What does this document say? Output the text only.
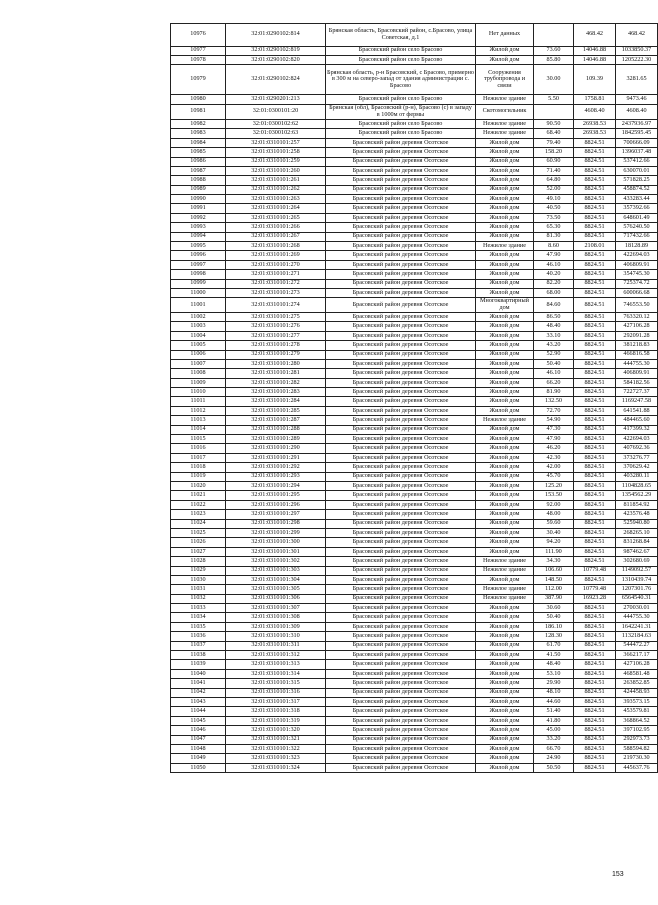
10976	32:01:0290102:814	Брянская область, Брасовский район, с.Брасово, улица Советская, д.1	Нет данных		468.42	468.42
10977	32:01:0290102:819	Брасовский район село Брасово	Жилой дом	73.60	14046.88	1033850.37
10978	32:01:0290102:820	Брасовский район село Брасово	Жилой дом	85.80	14046.88	1205222.30
10979	32:01:0290102:824	Брянская область, р-н Брасовский, с Брасово, примерно в 300 м на северо-запад от здания администрации с. Брасово	Сооружения трубопровода и связи	30.00	109.39	3281.65
10980	32:01:0290201:213	Брасовский район село Брасово	Нежилое здание	5.50	1758.81	9473.46
10981	32:01:0300101:20	Брянская (обл), Брасовский (р-н), Брасово (с) в западу в 1000м от фермы	Скотомогильник		4608.40	4608.40
10982	32:01:0300102:62	Брасовский район село Брасово	Нежилое здание	90.50	26938.53	2437936.97
10983	32:01:0300102:63	Брасовский район село Брасово	Нежилое здание	68.40	26938.53	1842595.45
10984	32:01:0310101:257	Брасовский район деревня Осотское	Жилой дом	79.40	8824.51	700666.09
10985	32:01:0310101:258	Брасовский район деревня Осотское	Жилой дом	158.20	8824.51	1396037.48
10986	32:01:0310101:259	Брасовский район деревня Осотское	Жилой дом	60.90	8824.51	537412.66
10987	32:01:0310101:260	Брасовский район деревня Осотское	Жилой дом	71.40	8824.51	630070.01
10988	32:01:0310101:261	Брасовский район деревня Осотское	Жилой дом	64.80	8824.51	571828.25
10989	32:01:0310101:262	Брасовский район деревня Осотское	Жилой дом	52.00	8824.51	458874.52
10990	32:01:0310101:263	Брасовский район деревня Осотское	Жилой дом	49.10	8824.51	433283.44
10991	32:01:0310101:264	Брасовский район деревня Осотское	Жилой дом	40.50	8824.51	357392.66
10992	32:01:0310101:265	Брасовский район деревня Осотское	Жилой дом	73.50	8824.51	648601.49
10993	32:01:0310101:266	Брасовский район деревня Осотское	Жилой дом	65.30	8824.51	576240.50
10994	32:01:0310101:267	Брасовский район деревня Осотское	Жилой дом	81.30	8824.51	717432.66
10995	32:01:0310101:268	Брасовский район деревня Осотское	Нежилое здание	8.60	2108.01	18128.89
10996	32:01:0310101:269	Брасовский район деревня Осотское	Жилой дом	47.90	8824.51	422694.03
10997	32:01:0310101:270	Брасовский район деревня Осотское	Жилой дом	46.10	8824.51	406809.91
10998	32:01:0310101:271	Брасовский район деревня Осотское	Жилой дом	40.20	8824.51	354745.30
10999	32:01:0310101:272	Брасовский район деревня Осотское	Жилой дом	82.20	8824.51	725374.72
11000	32:01:0310101:273	Брасовский район деревня Осотское	Жилой дом	68.00	8824.51	600066.68
11001	32:01:0310101:274	Брасовский район деревня Осотское	Многоквартирный дом	84.60	8824.51	746553.50
11002	32:01:0310101:275	Брасовский район деревня Осотское	Жилой дом	86.50	8824.51	763320.12
11003	32:01:0310101:276	Брасовский район деревня Осотское	Жилой дом	48.40	8824.51	427106.28
11004	32:01:0310101:277	Брасовский район деревня Осотское	Жилой дом	33.10	8824.51	292091.28
11005	32:01:0310101:278	Брасовский район деревня Осотское	Жилой дом	43.20	8824.51	381218.83
11006	32:01:0310101:279	Брасовский район деревня Осотское	Жилой дом	52.90	8824.51	466816.58
11007	32:01:0310101:280	Брасовский район деревня Осотское	Жилой дом	50.40	8824.51	444755.30
11008	32:01:0310101:281	Брасовский район деревня Осотское	Жилой дом	46.10	8824.51	406809.91
11009	32:01:0310101:282	Брасовский район деревня Осотское	Жилой дом	66.20	8824.51	584182.56
11010	32:01:0310101:283	Брасовский район деревня Осотское	Жилой дом	81.90	8824.51	722727.37
11011	32:01:0310101:284	Брасовский район деревня Осотское	Жилой дом	132.50	8824.51	1169247.58
11012	32:01:0310101:285	Брасовский район деревня Осотское	Жилой дом	72.70	8824.51	641541.88
11013	32:01:0310101:287	Брасовский район деревня Осотское	Нежилое здание	54.90	8824.51	484465.60
11014	32:01:0310101:288	Брасовский район деревня Осотское	Жилой дом	47.30	8824.51	417399.32
11015	32:01:0310101:289	Брасовский район деревня Осотское	Жилой дом	47.90	8824.51	422694.03
11016	32:01:0310101:290	Брасовский район деревня Осотское	Жилой дом	46.20	8824.51	407692.36
11017	32:01:0310101:291	Брасовский район деревня Осотское	Жилой дом	42.30	8824.51	373276.77
11018	32:01:0310101:292	Брасовский район деревня Осотское	Жилой дом	42.00	8824.51	370629.42
11019	32:01:0310101:293	Брасовский район деревня Осотское	Жилой дом	45.70	8824.51	403280.11
11020	32:01:0310101:294	Брасовский район деревня Осотское	Жилой дом	125.20	8824.51	1104828.65
11021	32:01:0310101:295	Брасовский район деревня Осотское	Жилой дом	153.50	8824.51	1354562.29
11022	32:01:0310101:296	Брасовский район деревня Осотское	Жилой дом	92.00	8824.51	811854.92
11023	32:01:0310101:297	Брасовский район деревня Осотское	Жилой дом	48.00	8824.51	423576.48
11024	32:01:0310101:298	Брасовский район деревня Осотское	Жилой дом	59.60	8824.51	525940.80
11025	32:01:0310101:299	Брасовский район деревня Осотское	Жилой дом	30.40	8824.51	268265.10
11026	32:01:0310101:300	Брасовский район деревня Осотское	Жилой дом	94.20	8824.51	831268.84
11027	32:01:0310101:301	Брасовский район деревня Осотское	Жилой дом	111.90	8824.51	987462.67
11028	32:01:0310101:302	Брасовский район деревня Осотское	Нежилое здание	34.30	8824.51	302680.69
11029	32:01:0310101:303	Брасовский район деревня Осотское	Нежилое здание	106.60	10779.48	1149092.57
11030	32:01:0310101:304	Брасовский район деревня Осотское	Жилой дом	148.50	8824.51	1310439.74
11031	32:01:0310101:305	Брасовский район деревня Осотское	Нежилое здание	112.00	10779.48	1207301.76
11032	32:01:0310101:306	Брасовский район деревня Осотское	Нежилое здание	387.90	16923.28	6564540.31
11033	32:01:0310101:307	Брасовский район деревня Осотское	Жилой дом	30.60	8824.51	270030.01
11034	32:01:0310101:308	Брасовский район деревня Осотское	Жилой дом	50.40	8824.51	444755.30
11035	32:01:0310101:309	Брасовский район деревня Осотское	Жилой дом	186.10	8824.51	1642241.31
11036	32:01:0310101:310	Брасовский район деревня Осотское	Жилой дом	128.30	8824.51	1132184.63
11037	32:01:0310101:311	Брасовский район деревня Осотское	Жилой дом	61.70	8824.51	544472.27
11038	32:01:0310101:312	Брасовский район деревня Осотское	Жилой дом	41.50	8824.51	366217.17
11039	32:01:0310101:313	Брасовский район деревня Осотское	Жилой дом	48.40	8824.51	427106.28
11040	32:01:0310101:314	Брасовский район деревня Осотское	Жилой дом	53.10	8824.51	468581.48
11041	32:01:0310101:315	Брасовский район деревня Осотское	Жилой дом	29.90	8824.51	263852.85
11042	32:01:0310101:316	Брасовский район деревня Осотское	Жилой дом	48.10	8824.51	424458.93
11043	32:01:0310101:317	Брасовский район деревня Осотское	Жилой дом	44.60	8824.51	393573.15
11044	32:01:0310101:318	Брасовский район деревня Осотское	Жилой дом	51.40	8824.51	453579.81
11045	32:01:0310101:319	Брасовский район деревня Осотское	Жилой дом	41.80	8824.51	368864.52
11046	32:01:0310101:320	Брасовский район деревня Осотское	Жилой дом	45.00	8824.51	397102.95
11047	32:01:0310101:321	Брасовский район деревня Осотское	Жилой дом	33.20	8824.51	292973.73
11048	32:01:0310101:322	Брасовский район деревня Осотское	Жилой дом	66.70	8824.51	588594.82
11049	32:01:0310101:323	Брасовский район деревня Осотское	Жилой дом	24.90	8824.51	219730.30
11050	32:01:0310101:324	Брасовский район деревня Осотское	Жилой дом	50.50	8824.51	445637.76
153
